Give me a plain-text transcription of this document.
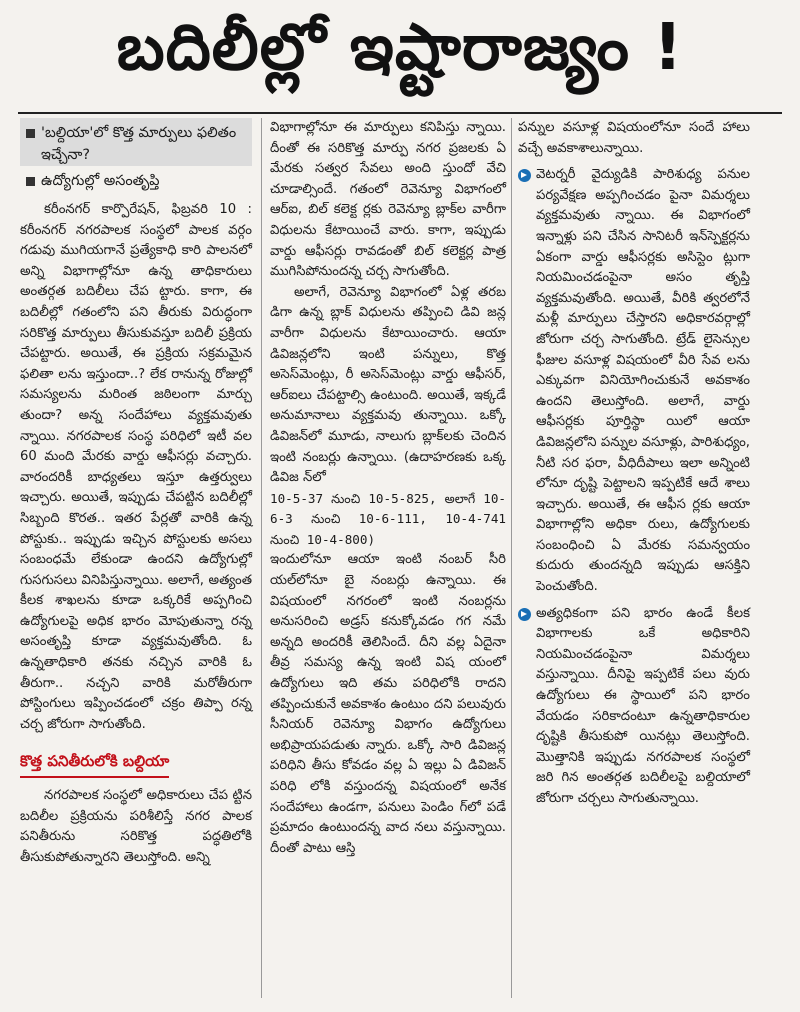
బదిలీల్లో ఇష్టారాజ్యం !
'బల్దియా'లో కొత్త మార్పులు ఫలితం ఇచ్చేనా?
ఉద్యోగుల్లో అసంతృప్తి

కరీంనగర్ కార్పొరేషన్, ఫిబ్రవరి 10 : కరీంనగర్ నగరపాలక సంస్థలో పాలక వర్గం గడువు ముగియగానే ప్రత్యేకాధి కారి పాలనలో అన్ని విభాగాల్లోనూ ఉన్న తాధికారులు అంతర్గత బదిలీలు చేప ట్టారు. కాగా, ఈ బదిలీల్లో గతంలోని పని తీరుకు విరుద్ధంగా సరికొత్త మార్పులు తీసుకువస్తూ బదిలీ ప్రక్రియ చేపట్టారు. అయితే, ఈ ప్రక్రియ సక్రమమైన ఫలితా లను ఇస్తుందా..? లేక రానున్న రోజుల్లో సమస్యలను మరింత జఠిలంగా మార్చు తుందా? అన్న సందేహాలు వ్యక్తమవుతు న్నాయి. నగరపాలక సంస్థ పరిధిలో ఇటీ వల 60 మంది మేరకు వార్డు ఆఫీసర్లు వచ్చారు. వారందరికీ బాధ్యతలు ఇస్తూ ఉత్తర్వులు ఇచ్చారు. అయితే, ఇప్పుడు చేపట్టిన బదిలీల్లో సిబ్బంది కొరత.. ఇతర పేర్లతో వారికి ఉన్న పోస్టుకు.. ఇప్పుడు ఇచ్చిన పోస్టులకు అసలు సంబంధమే లేకుండా ఉందని ఉద్యోగుల్లో గుసగుసలు వినిపిస్తున్నాయి. అలాగే, అత్యంత కీలక శాఖలను కూడా ఒక్కరికే అప్పగించి ఉద్యోగులపై అధిక భారం మోపుతున్నా రన్న అసంతృప్తి కూడా వ్యక్తమవుతోంది. ఓ ఉన్నతాధికారి తనకు నచ్చిన వారికి ఓ తీరుగా.. నచ్చని వారికి మరోతీరుగా పోస్టింగులు ఇప్పించడంలో చక్రం తిప్పా రన్న చర్చ జోరుగా సాగుతోంది.

కొత్త పనితీరులోకి బల్దియా

నగరపాలక సంస్థలో అధికారులు చేప ట్టిన బదిలీల ప్రక్రియను పరిశీలిస్తే నగర పాలక పనితీరును సరికొత్త పద్ధతిలోకి తీసుకుపోతున్నారని తెలుస్తోంది. అన్ని

విభాగాల్లోనూ ఈ మార్పులు కనిపిస్తు న్నాయి. దీంతో ఈ సరికొత్త మార్పు నగర ప్రజలకు ఏ మేరకు సత్వర సేవలు అంది స్తుందో వేచి చూడాల్సిందే. గతంలో రెవెన్యూ విభాగంలో ఆర్ఐ, బిల్ కలెక్ట ర్లకు రెవెన్యూ బ్లాక్‌ల వారీగా విధులను కేటాయించే వారు. కాగా, ఇప్పుడు వార్డు ఆఫీసర్లు రావడంతో బిల్ కలెక్టర్ల పాత్ర ముగిసిపోనుందన్న చర్చ సాగుతోంది.

అలాగే, రెవెన్యూ విభాగంలో ఏళ్ల తరబ డిగా ఉన్న బ్లాక్ విధులను తప్పించి డివి జన్ల వారీగా విధులను కేటాయించారు. ఆయా డివిజన్లలోని ఇంటి పన్నులు, కొత్త అసెస్‌మెంట్లు, రీ అసెస్‌మెంట్లు వార్డు ఆఫీసర్, ఆర్ఐలు చేపట్టాల్సి ఉంటుంది. అయితే, ఇక్కడే అనుమానాలు వ్యక్తమవు తున్నాయి. ఒక్కో డివిజన్‌లో మూడు, నాలుగు బ్లాక్‌లకు చెందిన ఇంటి నంబర్లు ఉన్నాయి. (ఉదాహరణకు ఒక్క డివిజ న్‌లో

10-5-37 నుంచి 10-5-825, అలాగే 10-6-3 నుంచి 10-6-111, 10-4-741 నుంచి 10-4-800)

ఇందులోనూ ఆయా ఇంటి నంబర్ సీరి యల్‌లోనూ బై నంబర్లు ఉన్నాయి. ఈ విషయంలో నగరంలో ఇంటి నంబర్లను అనుసరించి అడ్రస్ కనుక్కోవడం గగ నమే అన్నది అందరికీ తెలిసిందే. దీని వల్ల ఏదైనా తీవ్ర సమస్య ఉన్న ఇంటి విష యంలో ఉద్యోగులు ఇది తమ పరిధిలోకి రాదని తప్పించుకునే అవకాశం ఉంటుం దని పలువురు సీనియర్ రెవెన్యూ విభాగం ఉద్యోగులు అభిప్రాయపడుతు న్నారు. ఒక్కో సారి డివిజన్ల పరిధిని తీసు కోవడం వల్ల ఏ ఇల్లు ఏ డివిజన్ పరిధి లోకి వస్తుందన్న విషయంలో అనేక సందేహాలు ఉండగా, పనులు పెండిం గ్‌లో పడే ప్రమాదం ఉంటుందన్న వాద నలు వస్తున్నాయి. దీంతో పాటు ఆస్తి

పన్నుల వసూళ్ల విషయంలోనూ సందే హాలు వచ్చే అవకాశాలున్నాయి.

వెటర్నరీ వైద్యుడికి పారిశుధ్య పనుల పర్యవేక్షణ అప్పగించడం పైనా విమర్శలు వ్యక్తమవుతు న్నాయి. ఈ విభాగంలో ఇన్నాళ్లు పని చేసిన సానిటరీ ఇన్‌స్పెక్టర్లను ఏకంగా వార్డు ఆఫీసర్లకు అసిస్టెం ట్లుగా నియమించడంపైనా అసం తృప్తి వ్యక్తమవుతోంది. అయితే, వీరికి త్వరలోనే మళ్లీ మార్పులు చేస్తారని అధికారవర్గాల్లో జోరుగా చర్చ సాగుతోంది. ట్రేడ్ లైసెన్సుల ఫీజుల వసూళ్ల విషయంలో వీరి సేవ లను ఎక్కువగా వినియోగించుకునే అవకాశం ఉందని తెలుస్తోంది. అలాగే, వార్డు ఆఫీసర్లకు పూర్తిస్థా యిలో ఆయా డివిజన్లలోని పన్నుల వసూళ్లు, పారిశుధ్యం, నీటి సర ఫరా, వీధిదీపాలు ఇలా అన్నింటి లోనూ దృష్టి పెట్టాలని ఇప్పటికే ఆదే శాలు ఇచ్చారు. అయితే, ఈ ఆఫీస ర్లకు ఆయా విభాగాల్లోని అధికా రులు, ఉద్యోగులకు సంబంధించి ఏ మేరకు సమన్వయం కుదురు తుందన్నది ఇప్పుడు ఆసక్తిని పెంచుతోంది.
అత్యధికంగా పని భారం ఉండే కీలక విభాగాలకు ఒకే అధికారిని నియమించడంపైనా విమర్శలు వస్తున్నాయి. దీనిపై ఇప్పటికే పలు వురు ఉద్యోగులు ఈ స్థాయిలో పని భారం వేయడం సరికాదంటూ ఉన్నతాధికారుల దృష్టికి తీసుకుపో యినట్లు తెలుస్తోంది. మొత్తానికి ఇప్పుడు నగరపాలక సంస్థలో జరి గిన అంతర్గత బదిలీలపై బల్దియాలో జోరుగా చర్చలు సాగుతున్నాయి.
